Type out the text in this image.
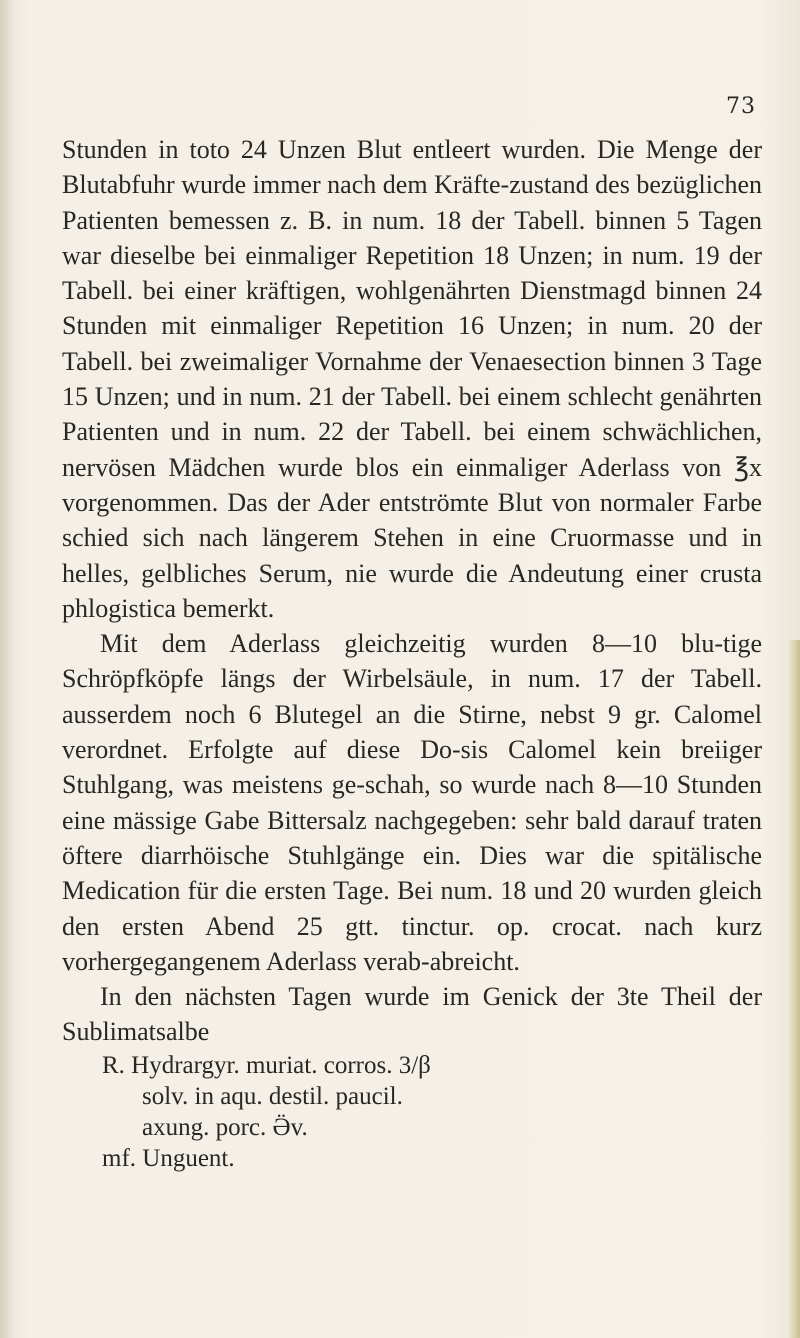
73

Stunden in toto 24 Unzen Blut entleert wurden. Die Menge der Blutabfuhr wurde immer nach dem Kräfte-zustand des bezüglichen Patienten bemessen z. B. in num. 18 der Tabell. binnen 5 Tagen war dieselbe bei einmaliger Repetition 18 Unzen; in num. 19 der Tabell. bei einer kräftigen, wohlgenährten Dienstmagd binnen 24 Stunden mit einmaliger Repetition 16 Unzen; in num. 20 der Tabell. bei zweimaliger Vornahme der Venaesection binnen 3 Tage 15 Unzen; und in num. 21 der Tabell. bei einem schlecht genährten Patienten und in num. 22 der Tabell. bei einem schwächlichen, nervösen Mädchen wurde blos ein einmaliger Aderlass von ℥x vorgenommen. Das der Ader entströmte Blut von normaler Farbe schied sich nach längerem Stehen in eine Cruormasse und in helles, gelbliches Serum, nie wurde die Andeutung einer crusta phlogistica bemerkt.

Mit dem Aderlass gleichzeitig wurden 8—10 blu-tige Schröpfköpfe längs der Wirbelsäule, in num. 17 der Tabell. ausserdem noch 6 Blutegel an die Stirne, nebst 9 gr. Calomel verordnet. Erfolgte auf diese Do-sis Calomel kein breiiger Stuhlgang, was meistens ge-schah, so wurde nach 8—10 Stunden eine mässige Gabe Bittersalz nachgegeben: sehr bald darauf traten öftere diarrhöische Stuhlgänge ein. Dies war die spitälische Medication für die ersten Tage. Bei num. 18 und 20 wurden gleich den ersten Abend 25 gtt. tinctur. op. crocat. nach kurz vorhergegangenem Aderlass verab-abreicht.

In den nächsten Tagen wurde im Genick der 3te Theil der Sublimatsalbe

R. Hydrargyr. muriat. corros. 3/β
solv. in aqu. destil. paucil.
axung. porc. Ӛv.
mf. Unguent.
